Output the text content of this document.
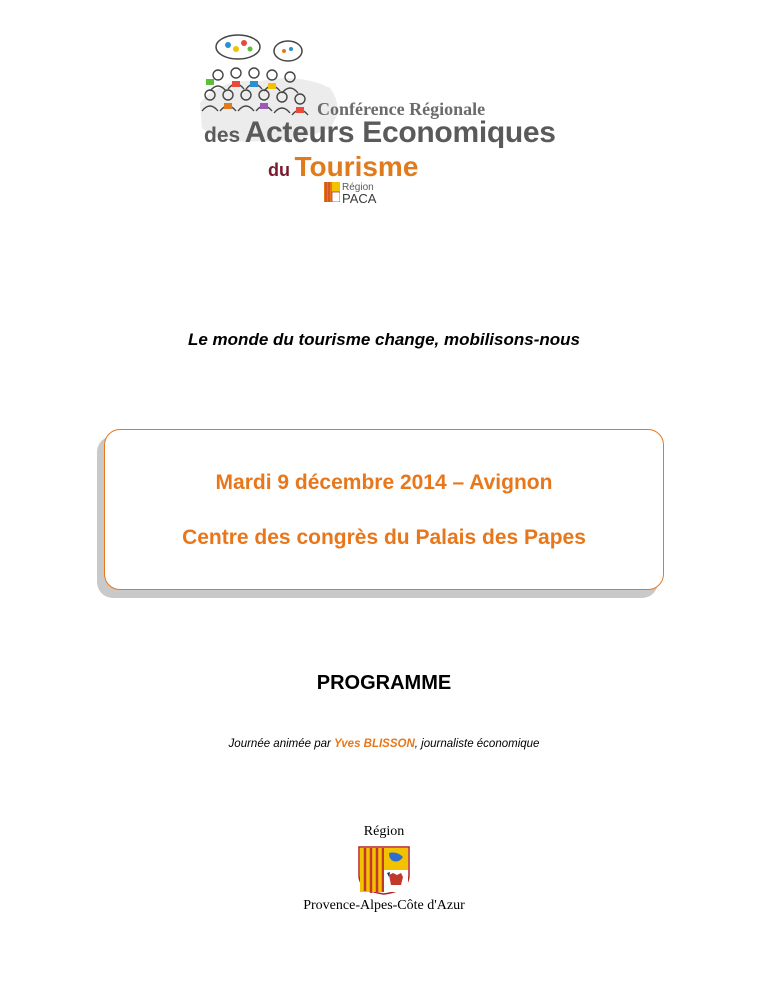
Conférence Régionale
des Acteurs Economiques
du Tourisme
Région
PACA
Le monde du tourisme change, mobilisons-nous
Mardi 9 décembre 2014 – Avignon
Centre des congrès du Palais des Papes
PROGRAMME
Journée animée par Yves BLISSON, journaliste économique
Région
Provence-Alpes-Côte d'Azur
